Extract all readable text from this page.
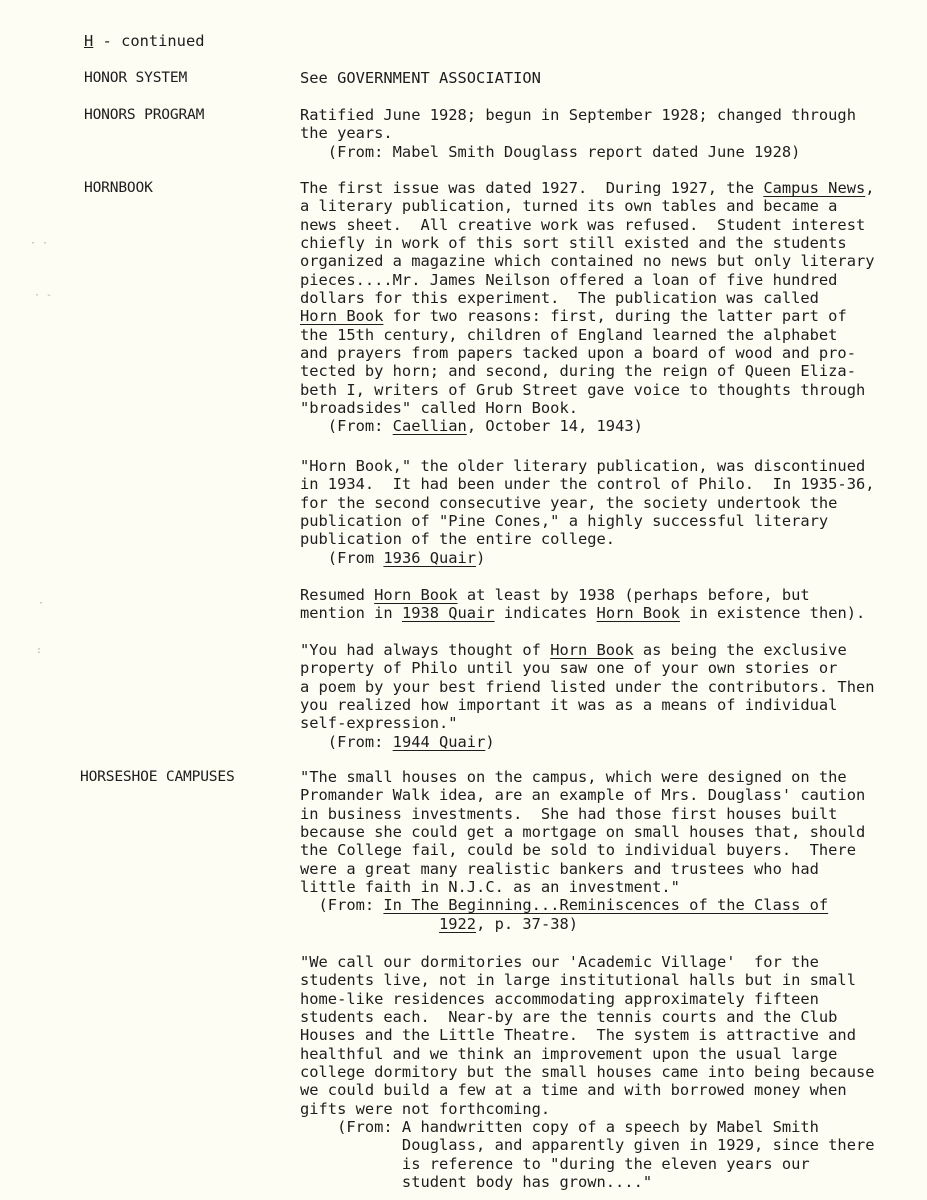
H - continued
HONOR SYSTEM
HONORS PROGRAM
HORNBOOK
HORSESHOE CAMPUSES
See GOVERNMENT ASSOCIATION
Ratified June 1928; begun in September 1928; changed through
the years.
(From: Mabel Smith Douglass report dated June 1928)
The first issue was dated 1927.  During 1927, the Campus News,
a literary publication, turned its own tables and became a
news sheet.  All creative work was refused.  Student interest
chiefly in work of this sort still existed and the students
organized a magazine which contained no news but only literary
pieces....Mr. James Neilson offered a loan of five hundred
dollars for this experiment.  The publication was called
Horn Book for two reasons: first, during the latter part of
the 15th century, children of England learned the alphabet
and prayers from papers tacked upon a board of wood and pro-
tected by horn; and second, during the reign of Queen Eliza-
beth I, writers of Grub Street gave voice to thoughts through
"broadsides" called Horn Book.
(From: Caellian, October 14, 1943)
"Horn Book," the older literary publication, was discontinued
in 1934.  It had been under the control of Philo.  In 1935-36,
for the second consecutive year, the society undertook the
publication of "Pine Cones," a highly successful literary
publication of the entire college.
(From 1936 Quair)
Resumed Horn Book at least by 1938 (perhaps before, but
mention in 1938 Quair indicates Horn Book in existence then).
"You had always thought of Horn Book as being the exclusive
property of Philo until you saw one of your own stories or
a poem by your best friend listed under the contributors. Then
you realized how important it was as a means of individual
self-expression."
(From: 1944 Quair)
"The small houses on the campus, which were designed on the
Promander Walk idea, are an example of Mrs. Douglass' caution
in business investments.  She had those first houses built
because she could get a mortgage on small houses that, should
the College fail, could be sold to individual buyers.  There
were a great many realistic bankers and trustees who had
little faith in N.J.C. as an investment."
(From: In The Beginning...Reminiscences of the Class of
1922, p. 37-38)
"We call our dormitories our 'Academic Village'  for the
students live, not in large institutional halls but in small
home-like residences accommodating approximately fifteen
students each.  Near-by are the tennis courts and the Club
Houses and the Little Theatre.  The system is attractive and
healthful and we think an improvement upon the usual large
college dormitory but the small houses came into being because
we could build a few at a time and with borrowed money when
gifts were not forthcoming.
(From: A handwritten copy of a speech by Mabel Smith
Douglass, and apparently given in 1929, since there
is reference to "during the eleven years our
student body has grown...."
· ·
· -
·
:
